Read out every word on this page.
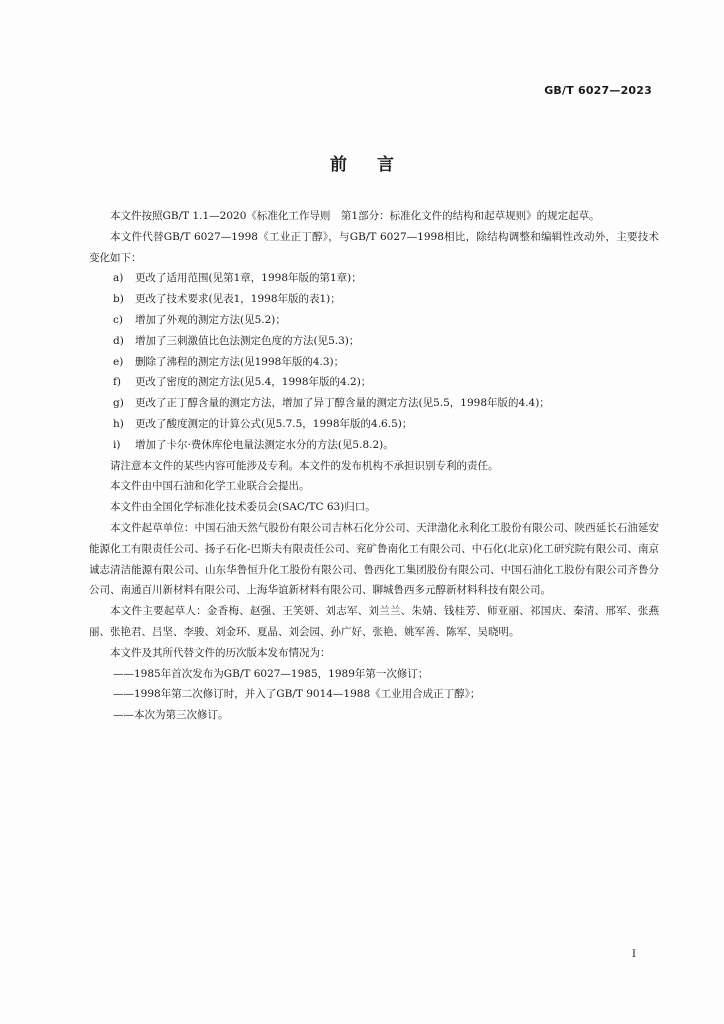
GB/T 6027—2023
前言

本文件按照GB/T 1.1—2020《标准化工作导则　第1部分：标准化文件的结构和起草规则》的规定起草。

本文件代替GB/T 6027—1998《工业正丁醇》，与GB/T 6027—1998相比，除结构调整和编辑性改动外，主要技术变化如下：

a)	更改了适用范围(见第1章，1998年版的第1章)；

b)	更改了技术要求(见表1，1998年版的表1)；

c)	增加了外观的测定方法(见5.2)；

d)	增加了三刺激值比色法测定色度的方法(见5.3)；

e)	删除了沸程的测定方法(见1998年版的4.3)；

f)	更改了密度的测定方法(见5.4，1998年版的4.2)；

g)	更改了正丁醇含量的测定方法，增加了异丁醇含量的测定方法(见5.5，1998年版的4.4)；

h)	更改了酸度测定的计算公式(见5.7.5，1998年版的4.6.5)；

i)	增加了卡尔·费休库伦电量法测定水分的方法(见5.8.2)。

请注意本文件的某些内容可能涉及专利。本文件的发布机构不承担识别专利的责任。

本文件由中国石油和化学工业联合会提出。

本文件由全国化学标准化技术委员会(SAC/TC 63)归口。

本文件起草单位：中国石油天然气股份有限公司吉林石化分公司、天津渤化永利化工股份有限公司、陕西延长石油延安能源化工有限责任公司、扬子石化-巴斯夫有限责任公司、兖矿鲁南化工有限公司、中石化(北京)化工研究院有限公司、南京诚志清洁能源有限公司、山东华鲁恒升化工股份有限公司、鲁西化工集团股份有限公司、中国石油化工股份有限公司齐鲁分公司、南通百川新材料有限公司、上海华谊新材料有限公司、聊城鲁西多元醇新材料科技有限公司。

本文件主要起草人：金香梅、赵强、王笑妍、刘志军、刘兰兰、朱婧、钱桂芳、师亚丽、祁国庆、秦清、邢军、张燕丽、张艳君、吕坚、李骏、刘金环、夏晶、刘会园、孙广好、张艳、姚军善、陈军、吴晓明。

本文件及其所代替文件的历次版本发布情况为：

——1985年首次发布为GB/T 6027—1985，1989年第一次修订；

——1998年第二次修订时，并入了GB/T 9014—1988《工业用合成正丁醇》；

——本次为第三次修订。

I
